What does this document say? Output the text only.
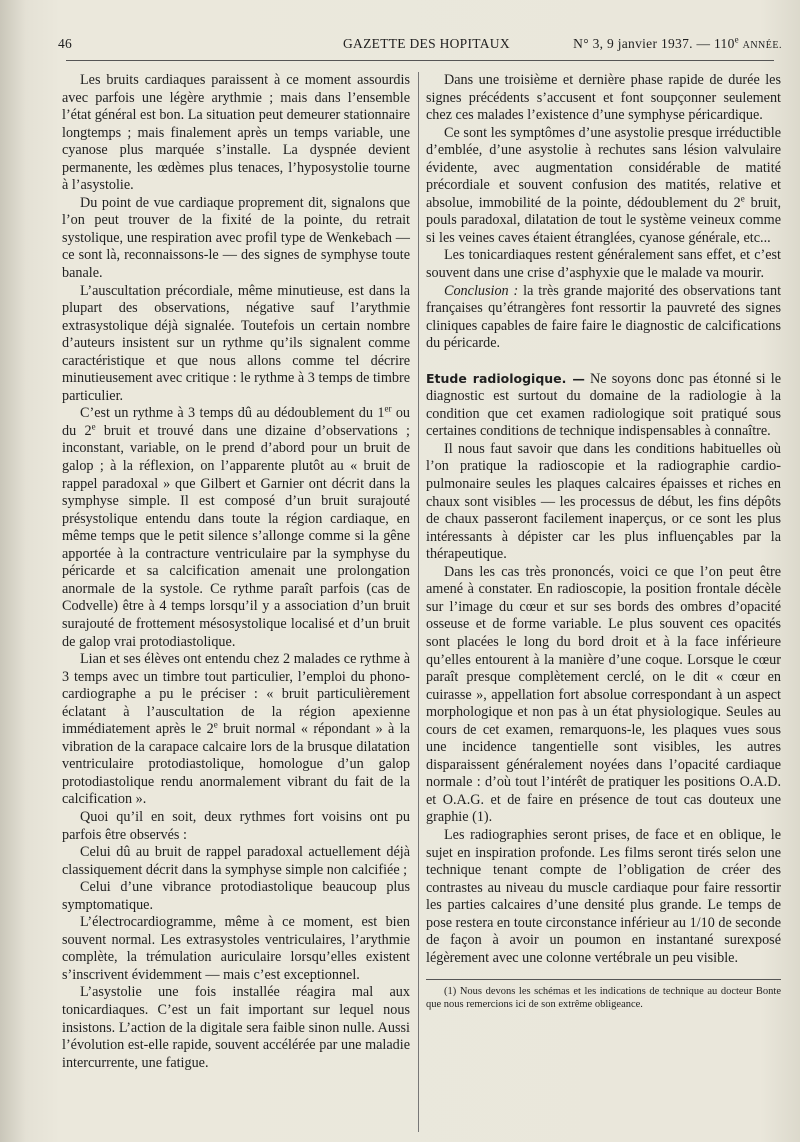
46	GAZETTE DES HOPITAUX	N° 3, 9 janvier 1937. — 110e ANNÉE.

Les bruits cardiaques paraissent à ce moment assourdis avec parfois une légère arythmie ; mais dans l’ensemble l’état général est bon. La situation peut demeurer stationnaire longtemps ; mais finalement après un temps variable, une cyanose plus marquée s’installe. La dyspnée devient permanente, les œdèmes plus tenaces, l’hyposystolie tourne à l’asystolie.

Du point de vue cardiaque proprement dit, signalons que l’on peut trouver de la fixité de la pointe, du retrait systolique, une respiration avec profil type de Wenkebach — ce sont là, reconnaissons-le — des signes de symphyse toute banale.

L’auscultation précordiale, même minutieuse, est dans la plupart des observations, négative sauf l’arythmie extrasystolique déjà signalée. Toutefois un certain nombre d’auteurs insistent sur un rythme qu’ils signalent comme caractéristique et que nous allons comme tel décrire minutieusement avec critique : le rythme à 3 temps de timbre particulier.

C’est un rythme à 3 temps dû au dédoublement du 1er ou du 2e bruit et trouvé dans une dizaine d’observations ; inconstant, variable, on le prend d’abord pour un bruit de galop ; à la réflexion, on l’apparente plutôt au « bruit de rappel paradoxal » que Gilbert et Garnier ont décrit dans la symphyse simple. Il est composé d’un bruit surajouté présystolique entendu dans toute la région cardiaque, en même temps que le petit silence s’allonge comme si la gêne apportée à la contracture ventriculaire par la symphyse du péricarde et sa calcification amenait une prolongation anormale de la systole. Ce rythme paraît parfois (cas de Codvelle) être à 4 temps lorsqu’il y a association d’un bruit surajouté de frottement mésosystolique localisé et d’un bruit de galop vrai protodiastolique.

Lian et ses élèves ont entendu chez 2 malades ce rythme à 3 temps avec un timbre tout particulier, l’emploi du phono-cardiographe a pu le préciser : « bruit particulièrement éclatant à l’auscultation de la région apexienne immédiatement après le 2e bruit normal « répondant » à la vibration de la carapace calcaire lors de la brusque dilatation ventriculaire protodiastolique, homologue d’un galop protodiastolique rendu anormalement vibrant du fait de la calcification ».

Quoi qu’il en soit, deux rythmes fort voisins ont pu parfois être observés :

Celui dû au bruit de rappel paradoxal actuellement déjà classiquement décrit dans la symphyse simple non calcifiée ;

Celui d’une vibrance protodiastolique beaucoup plus symptomatique.

L’électrocardiogramme, même à ce moment, est bien souvent normal. Les extrasystoles ventriculaires, l’arythmie complète, la trémulation auriculaire lorsqu’elles existent s’inscrivent évidemment — mais c’est exceptionnel.

L’asystolie une fois installée réagira mal aux tonicardiaques. C’est un fait important sur lequel nous insistons. L’action de la digitale sera faible sinon nulle. Aussi l’évolution est-elle rapide, souvent accélérée par une maladie intercurrente, une fatigue.

Dans une troisième et dernière phase rapide de durée les signes précédents s’accusent et font soupçonner seulement chez ces malades l’existence d’une symphyse péricardique.

Ce sont les symptômes d’une asystolie presque irréductible d’emblée, d’une asystolie à rechutes sans lésion valvulaire évidente, avec augmentation considérable de matité précordiale et souvent confusion des matités, relative et absolue, immobilité de la pointe, dédoublement du 2e bruit, pouls paradoxal, dilatation de tout le système veineux comme si les veines caves étaient étranglées, cyanose générale, etc...

Les tonicardiaques restent généralement sans effet, et c’est souvent dans une crise d’asphyxie que le malade va mourir.

Conclusion : la très grande majorité des observations tant françaises qu’étrangères font ressortir la pauvreté des signes cliniques capables de faire faire le diagnostic de calcifications du péricarde.

Etude radiologique. — Ne soyons donc pas étonné si le diagnostic est surtout du domaine de la radiologie à la condition que cet examen radiologique soit pratiqué sous certaines conditions de technique indispensables à connaître.

Il nous faut savoir que dans les conditions habituelles où l’on pratique la radioscopie et la radiographie cardio-pulmonaire seules les plaques calcaires épaisses et riches en chaux sont visibles — les processus de début, les fins dépôts de chaux passeront facilement inaperçus, or ce sont les plus intéressants à dépister car les plus influençables par la thérapeutique.

Dans les cas très prononcés, voici ce que l’on peut être amené à constater. En radioscopie, la position frontale décèle sur l’image du cœur et sur ses bords des ombres d’opacité osseuse et de forme variable. Le plus souvent ces opacités sont placées le long du bord droit et à la face inférieure qu’elles entourent à la manière d’une coque. Lorsque le cœur paraît presque complètement cerclé, on le dit « cœur en cuirasse », appellation fort absolue correspondant à un aspect morphologique et non pas à un état physiologique. Seules au cours de cet examen, remarquons-le, les plaques vues sous une incidence tangentielle sont visibles, les autres disparaissent généralement noyées dans l’opacité cardiaque normale : d’où tout l’intérêt de pratiquer les positions O.A.D. et O.A.G. et de faire en présence de tout cas douteux une graphie (1).

Les radiographies seront prises, de face et en oblique, le sujet en inspiration profonde. Les films seront tirés selon une technique tenant compte de l’obligation de créer des contrastes au niveau du muscle cardiaque pour faire ressortir les parties calcaires d’une densité plus grande. Le temps de pose restera en toute circonstance inférieur au 1/10 de seconde de façon à avoir un poumon en instantané surexposé légèrement avec une colonne vertébrale un peu visible.

(1) Nous devons les schémas et les indications de technique au docteur Bonte que nous remercions ici de son extrême obligeance.
